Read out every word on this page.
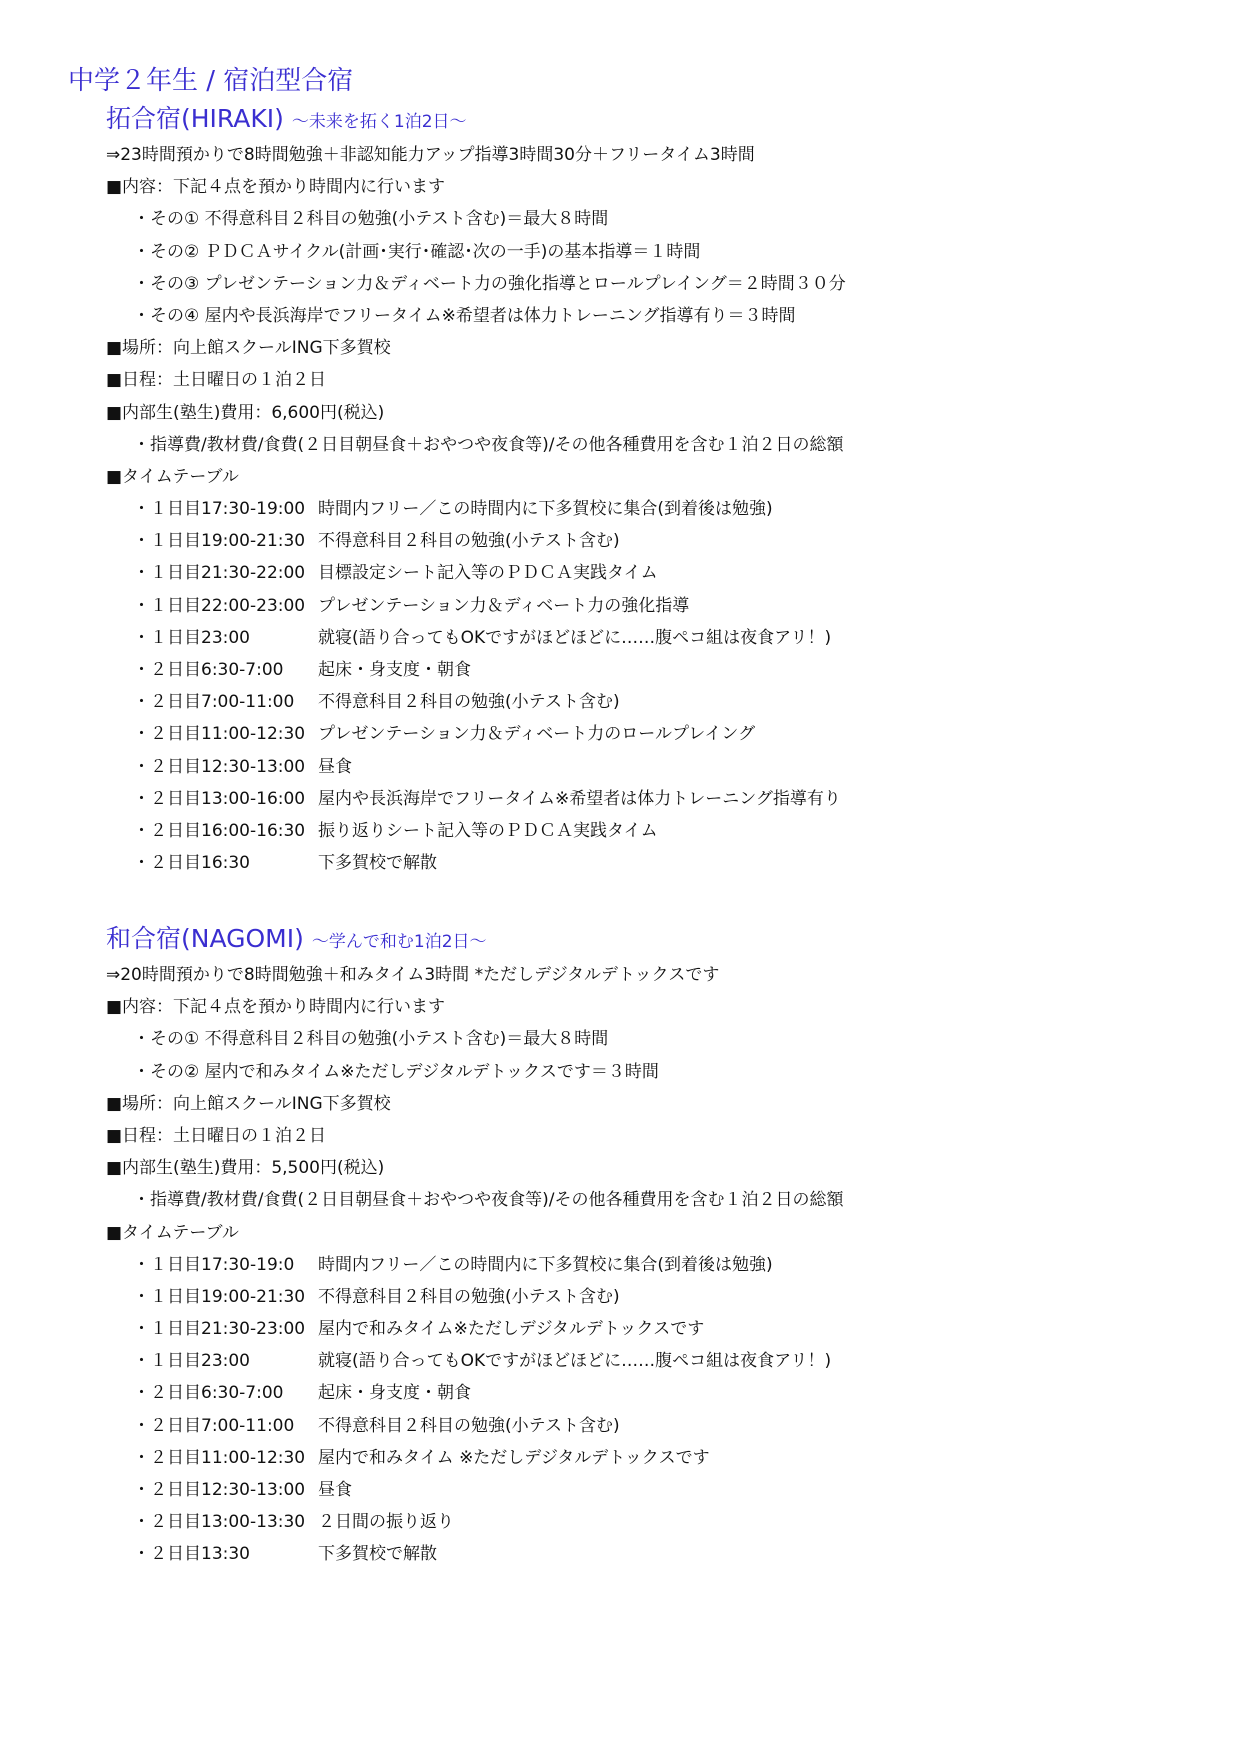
中学２年生 / 宿泊型合宿
拓合宿(HIRAKI) 〜未来を拓く1泊2日〜
⇒23時間預かりで8時間勉強＋非認知能力アップ指導3時間30分＋フリータイム3時間
■内容：下記４点を預かり時間内に行います
・その① 不得意科目２科目の勉強(小テスト含む)＝最大８時間
・その② ＰＤＣＡサイクル(計画･実行･確認･次の一手)の基本指導＝１時間
・その③ プレゼンテーション力＆ディベート力の強化指導とロールプレイング＝２時間３０分
・その④ 屋内や長浜海岸でフリータイム※希望者は体力トレーニング指導有り＝３時間
■場所：向上館スクールING下多賀校
■日程：土日曜日の１泊２日
■内部生(塾生)費用：6,600円(税込)
・指導費/教材費/食費(２日目朝昼食＋おやつや夜食等)/その他各種費用を含む１泊２日の総額
■タイムテーブル
・１日目17:30-19:00 時間内フリー／この時間内に下多賀校に集合(到着後は勉強)
・１日目19:00-21:30 不得意科目２科目の勉強(小テスト含む)
・１日目21:30-22:00 目標設定シート記入等のＰＤＣＡ実践タイム
・１日目22:00-23:00 プレゼンテーション力＆ディベート力の強化指導
・１日目23:00	就寝(語り合ってもOKですがほどほどに……腹ペコ組は夜食アリ！)
・２日目6:30-7:00 起床・身支度・朝食
・２日目7:00-11:00 不得意科目２科目の勉強(小テスト含む)
・２日目11:00-12:30 プレゼンテーション力＆ディベート力のロールプレイング
・２日目12:30-13:00 昼食
・２日目13:00-16:00 屋内や長浜海岸でフリータイム※希望者は体力トレーニング指導有り
・２日目16:00-16:30 振り返りシート記入等のＰＤＣＡ実践タイム
・２日目16:30	下多賀校で解散
和合宿(NAGOMI) 〜学んで和む1泊2日〜
⇒20時間預かりで8時間勉強＋和みタイム3時間 *ただしデジタルデトックスです
■内容：下記４点を預かり時間内に行います
・その① 不得意科目２科目の勉強(小テスト含む)＝最大８時間
・その② 屋内で和みタイム※ただしデジタルデトックスです＝３時間
■場所：向上館スクールING下多賀校
■日程：土日曜日の１泊２日
■内部生(塾生)費用：5,500円(税込)
・指導費/教材費/食費(２日目朝昼食＋おやつや夜食等)/その他各種費用を含む１泊２日の総額
■タイムテーブル
・１日目17:30-19:0 時間内フリー／この時間内に下多賀校に集合(到着後は勉強)
・１日目19:00-21:30 不得意科目２科目の勉強(小テスト含む)
・１日目21:30-23:00 屋内で和みタイム※ただしデジタルデトックスです
・１日目23:00	就寝(語り合ってもOKですがほどほどに……腹ペコ組は夜食アリ！)
・２日目6:30-7:00 起床・身支度・朝食
・２日目7:00-11:00 不得意科目２科目の勉強(小テスト含む)
・２日目11:00-12:30 屋内で和みタイム ※ただしデジタルデトックスです
・２日目12:30-13:00 昼食
・２日目13:00-13:30 ２日間の振り返り
・２日目13:30	下多賀校で解散
